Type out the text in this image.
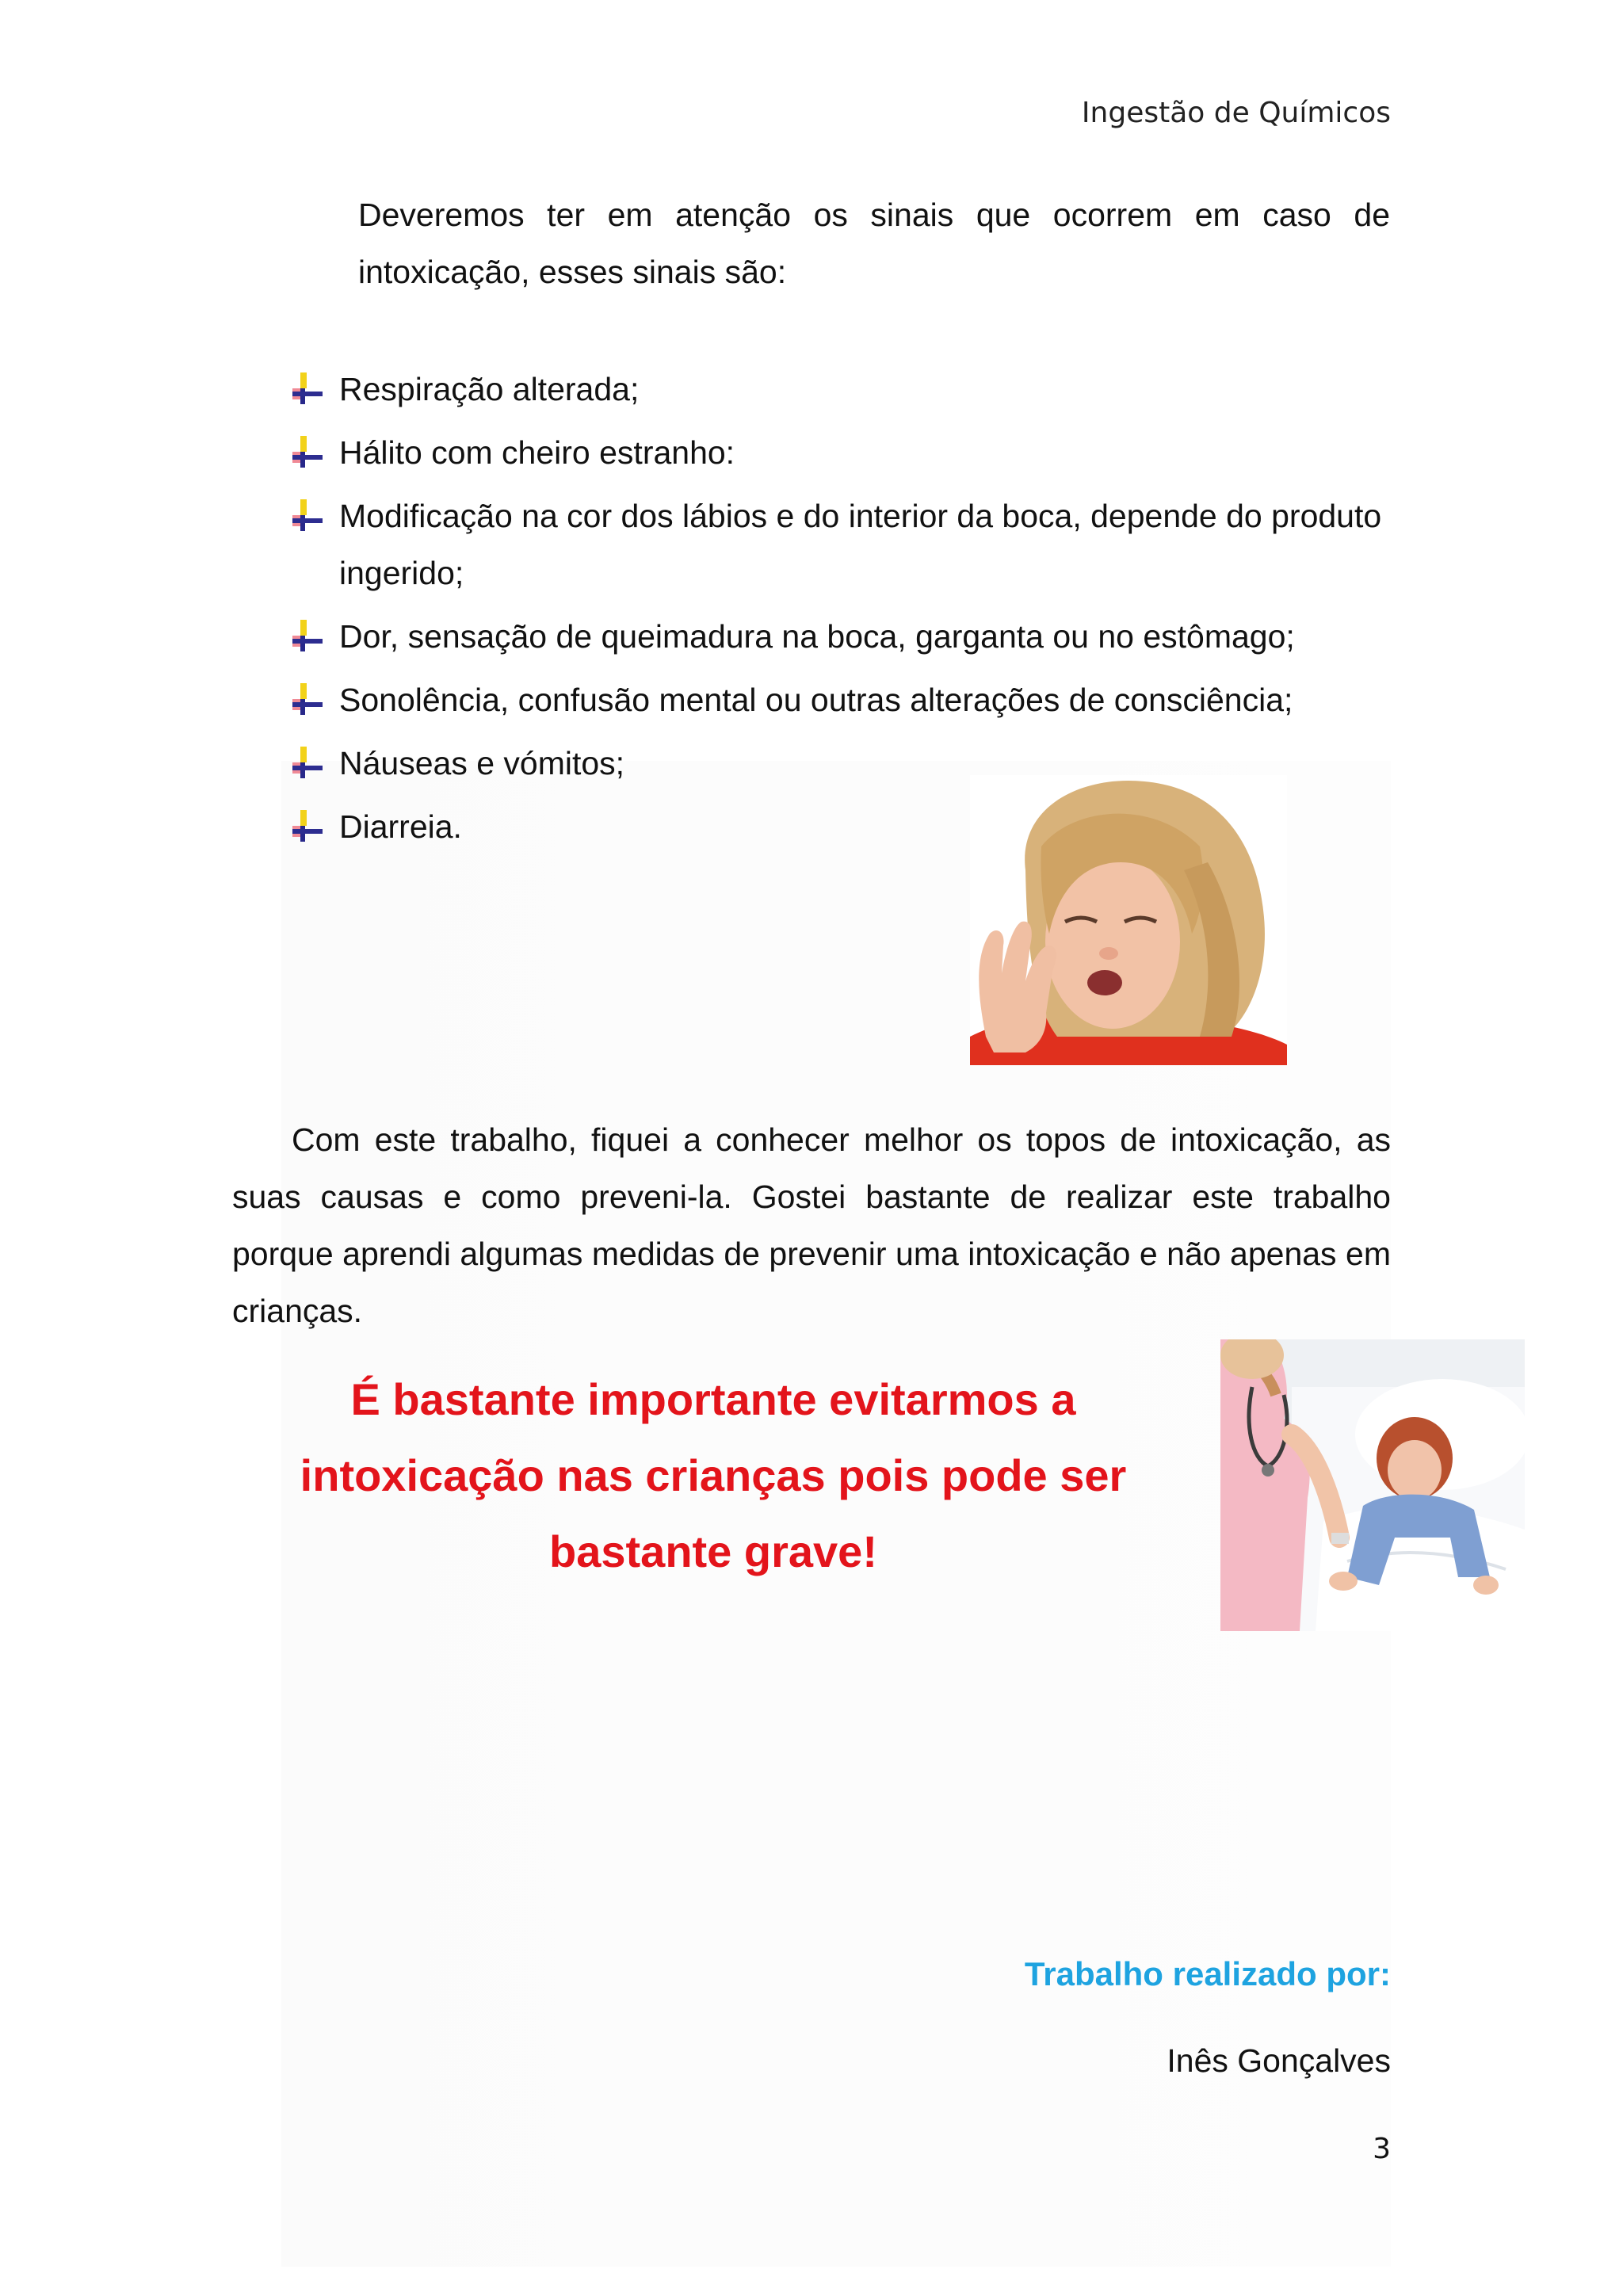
Ingestão de Químicos

Deveremos ter em atenção os sinais que ocorrem em caso de intoxicação, esses sinais são:

Respiração alterada;
Hálito com cheiro estranho:
Modificação na cor dos lábios e do interior da boca, depende do produto ingerido;
Dor, sensação de queimadura na boca, garganta ou no estômago;
Sonolência, confusão mental ou outras alterações de consciência;
Náuseas e vómitos;
Diarreia.

Com este trabalho, fiquei a conhecer melhor os topos de intoxicação, as suas causas e como preveni-la. Gostei bastante de realizar este trabalho porque aprendi algumas medidas de prevenir uma intoxicação e não apenas em crianças.

É bastante importante evitarmos a intoxicação nas crianças pois pode ser bastante grave!

Trabalho realizado por:
Inês Gonçalves
3
